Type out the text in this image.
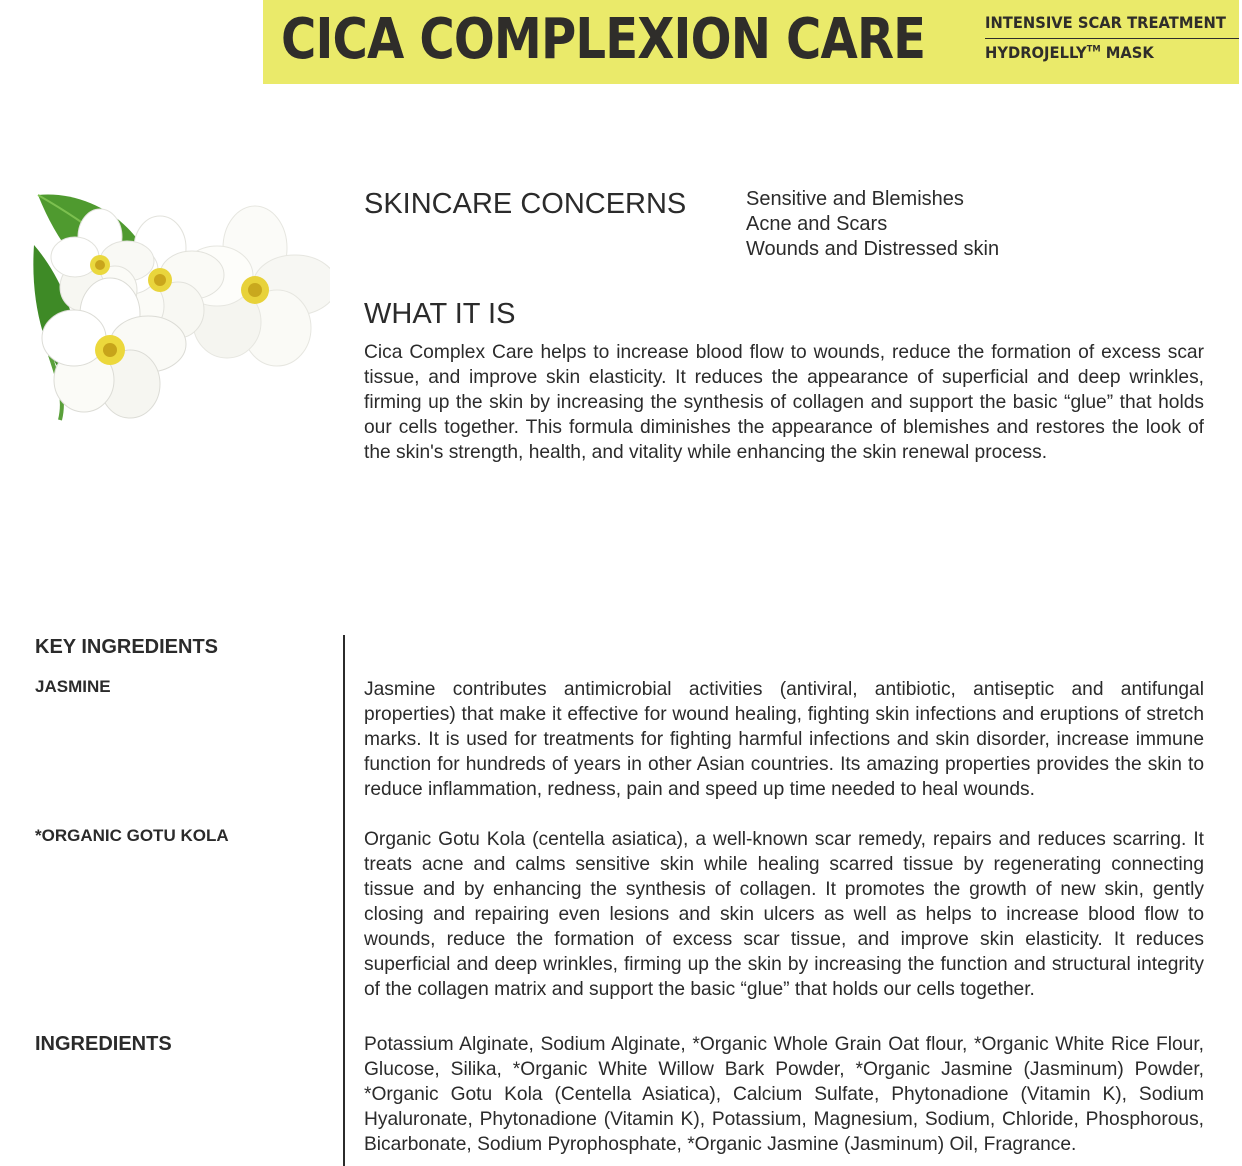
CICA COMPLEXION CARE	INTENSIVE SCAR TREATMENT
HYDROJELLY™ MASK
SKINCARE CONCERNS	Sensitive and Blemishes
Acne and Scars
Wounds and Distressed skin
WHAT IT IS

Cica Complex Care helps to increase blood flow to wounds, reduce the formation of excess scar tissue, and improve skin elasticity. It reduces the appearance of superficial and deep wrinkles, firming up the skin by increasing the synthesis of collagen and support the basic “glue” that holds our cells together. This formula diminishes the appearance of blemishes and restores the look of the skin's strength, health, and vitality while enhancing the skin renewal process.

KEY INGREDIENTS
JASMINE	Jasmine contributes antimicrobial activities (antiviral, antibiotic, antiseptic and antifungal properties) that make it effective for wound healing, fighting skin infections and eruptions of stretch marks. It is used for treatments for fighting harmful infections and skin disorder, increase immune function for hundreds of years in other Asian countries. Its amazing properties provides the skin to reduce inflammation, redness, pain and speed up time needed to heal wounds.

*ORGANIC GOTU KOLA	Organic Gotu Kola (centella asiatica), a well-known scar remedy, repairs and reduces scarring. It treats acne and calms sensitive skin while healing scarred tissue by regenerating connecting tissue and by enhancing the synthesis of collagen. It promotes the growth of new skin, gently closing and repairing even lesions and skin ulcers as well as helps to increase blood flow to wounds, reduce the formation of excess scar tissue, and improve skin elasticity. It reduces superficial and deep wrinkles, firming up the skin by increasing the function and structural integrity of the collagen matrix and support the basic “glue” that holds our cells together.

INGREDIENTS	Potassium Alginate, Sodium Alginate, *Organic Whole Grain Oat flour, *Organic White Rice Flour, Glucose, Silika, *Organic White Willow Bark Powder, *Organic Jasmine (Jasminum) Powder, *Organic Gotu Kola (Centella Asiatica), Calcium Sulfate, Phytonadione (Vitamin K), Sodium Hyaluronate, Phytonadione (Vitamin K), Potassium, Magnesium, Sodium, Chloride, Phosphorous, Bicarbonate, Sodium Pyrophosphate, *Organic Jasmine (Jasminum) Oil, Fragrance.
